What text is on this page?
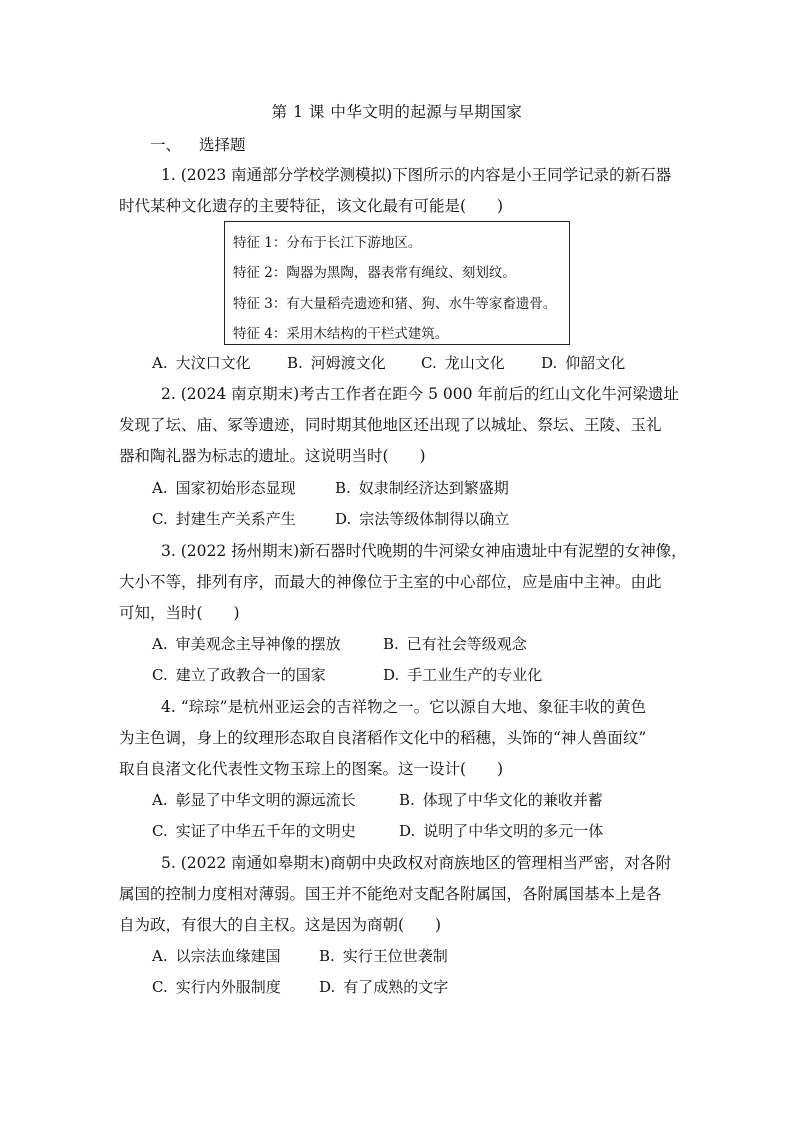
第 1 课 中华文明的起源与早期国家
一、 选择题
1. (2023 南通部分学校学测模拟)下图所示的内容是小王同学记录的新石器
时代某种文化遗存的主要特征，该文化最有可能是(　　)
特征 1：分布于长江下游地区。
特征 2：陶器为黑陶，器表常有绳纹、刻划纹。
特征 3：有大量稻壳遗迹和猪、狗、水牛等家畜遗骨。
特征 4：采用木结构的干栏式建筑。
A. 大汶口文化 B. 河姆渡文化 C. 龙山文化 D. 仰韶文化
2. (2024 南京期末)考古工作者在距今 5 000 年前后的红山文化牛河梁遗址
发现了坛、庙、冢等遗迹，同时期其他地区还出现了以城址、祭坛、王陵、玉礼
器和陶礼器为标志的遗址。这说明当时(　　)
A. 国家初始形态显现	B. 奴隶制经济达到繁盛期
C. 封建生产关系产生	D. 宗法等级体制得以确立
3. (2022 扬州期末)新石器时代晚期的牛河梁女神庙遗址中有泥塑的女神像，
大小不等，排列有序，而最大的神像位于主室的中心部位，应是庙中主神。由此
可知，当时(　　)
A. 审美观念主导神像的摆放	B. 已有社会等级观念
C. 建立了政教合一的国家	D. 手工业生产的专业化
4. “琮琮”是杭州亚运会的吉祥物之一。它以源自大地、象征丰收的黄色
为主色调，身上的纹理形态取自良渚稻作文化中的稻穗，头饰的“神人兽面纹”
取自良渚文化代表性文物玉琮上的图案。这一设计(　　)
A. 彰显了中华文明的源远流长	B. 体现了中华文化的兼收并蓄
C. 实证了中华五千年的文明史	D. 说明了中华文明的多元一体
5. (2022 南通如皋期末)商朝中央政权对商族地区的管理相当严密，对各附
属国的控制力度相对薄弱。国王并不能绝对支配各附属国，各附属国基本上是各
自为政，有很大的自主权。这是因为商朝(　　)
A. 以宗法血缘建国	B. 实行王位世袭制
C. 实行内外服制度	D. 有了成熟的文字
